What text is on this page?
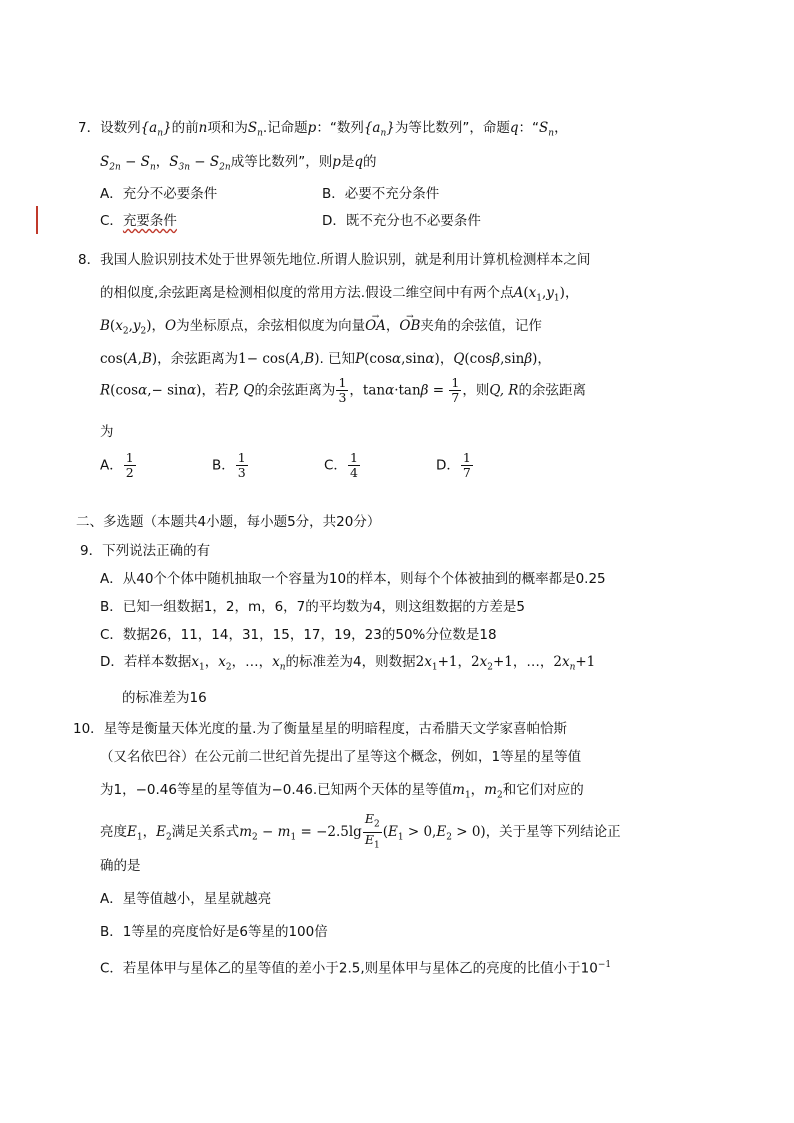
7．设数列$\{a_n\}$的前n项和为$S_n$.记命题p：“数列$\{a_n\}$为等比数列”，命题q：“$S_n$，
$S_{2n} - S_n$，$S_{3n} - S_{2n}$成等比数列”，则p是q的
A．充分不必要条件	B．必要不充分条件
C．充要条件	D．既不充分也不必要条件
8．我国人脸识别技术处于世界领先地位.所谓人脸识别，就是利用计算机检测样本之间
的相似度,余弦距离是检测相似度的常用方法.假设二维空间中有两个点$A(x_1,y_1)$，
$B(x_2,y_2)$，O为坐标原点，余弦相似度为向量→ OA，→ OB夹角的余弦值，记作
cos(A,B)，余弦距离为1− cos(A,B). 已知P(cosα,sinα)，Q(cosβ,sinβ)，
R(cosα,− sinα)，若P, Q的余弦距离为 $\frac{1}{3}$ ，$\tan\alpha\cdot\tan\beta = \frac{1}{7}$ ，则Q, R的余弦距离
为
A． $\frac{1}{2}$	B． $\frac{1}{3}$	C． $\frac{1}{4}$	D． $\frac{1}{7}$
二、多选题（本题共4小题，每小题5分，共20分）
9．下列说法正确的有
A．从40个个体中随机抽取一个容量为10的样本，则每个个体被抽到的概率都是0.25
B．已知一组数据1，2，m，6，7的平均数为4，则这组数据的方差是5
C．数据26，11，14，31，15，17，19，23的50%分位数是18
D．若样本数据$x_1$，$x_2$，…，$x_n$的标准差为4，则数据$2x_1+1$，$2x_2+1$，…，$2x_n+1$
的标准差为16
10．星等是衡量天体光度的量.为了衡量星星的明暗程度，古希腊天文学家喜帕恰斯
（又名依巴谷）在公元前二世纪首先提出了星等这个概念，例如，1等星的星等值
为1，−0.46等星的星等值为−0.46.已知两个天体的星等值$m_1$，$m_2$和它们对应的
亮度$E_1$，$E_2$满足关系式$m_2 - m_1 = -2.5\lg \frac{E_2}{E_1} (E_1 > 0,E_2 > 0)$，关于星等下列结论正
确的是
A．星等值越小，星星就越亮
B．1等星的亮度恰好是6等星的100倍
C．若星体甲与星体乙的星等值的差小于2.5,则星体甲与星体乙的亮度的比值小于$10^{-1}$
